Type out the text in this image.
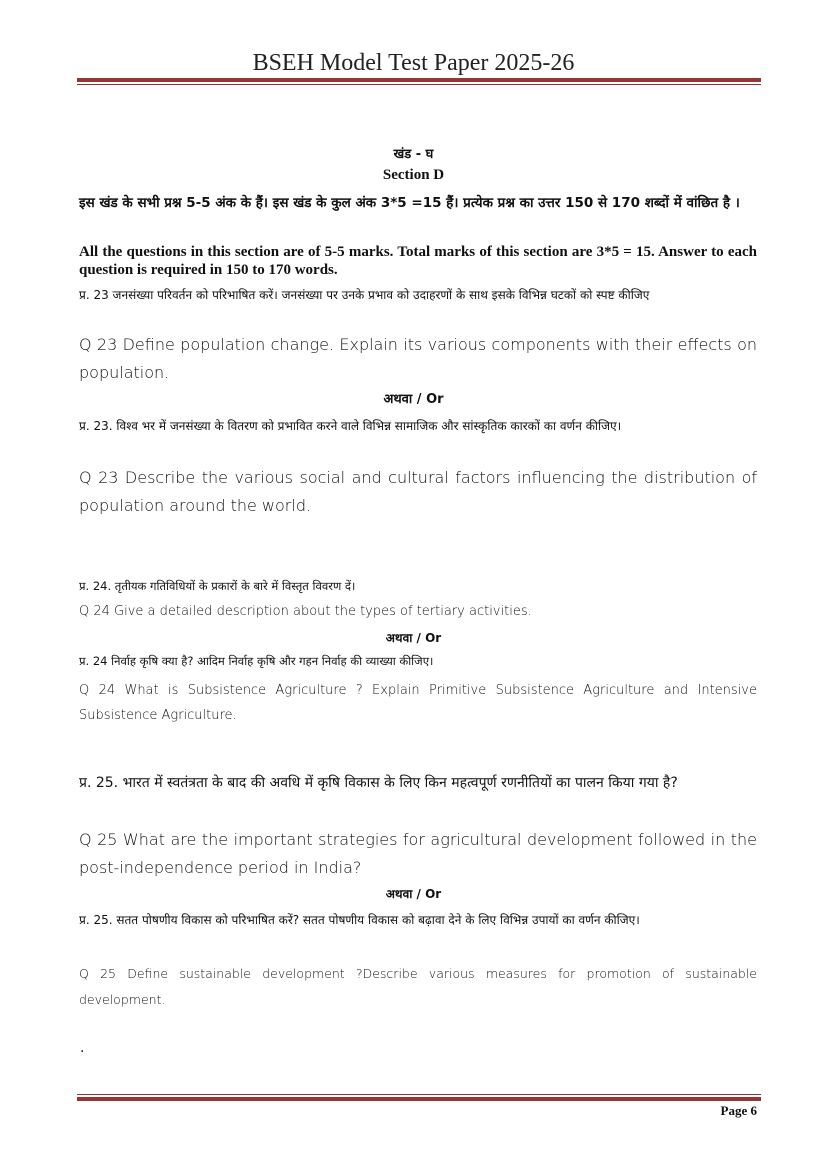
BSEH Model Test Paper 2025-26
खंड - घ
Section D
इस खंड के सभी प्रश्न 5-5 अंक के हैं। इस खंड के कुल अंक 3*5 =15 हैं। प्रत्येक प्रश्न का उत्तर 150 से 170 शब्दों में वांछित है ।
All the questions in this section are of 5-5 marks. Total marks of this section are 3*5 = 15. Answer to each question is required in 150 to 170 words.
प्र. 23 जनसंख्या परिवर्तन को परिभाषित करें। जनसंख्या पर उनके प्रभाव को उदाहरणों के साथ इसके विभिन्न घटकों को स्पष्ट कीजिए
Q 23 Define population change. Explain its various components with their effects on population.
अथवा / Or
प्र. 23. विश्व भर में जनसंख्या के वितरण को प्रभावित करने वाले विभिन्न सामाजिक और सांस्कृतिक कारकों का वर्णन कीजिए।
Q 23 Describe the various social and cultural factors influencing the distribution of population around the world.
प्र. 24. तृतीयक गतिविधियों के प्रकारों के बारे में विस्तृत विवरण दें।
Q 24 Give a detailed description about the types of tertiary activities.
अथवा / Or
प्र. 24 निर्वाह कृषि क्या है? आदिम निर्वाह कृषि और गहन निर्वाह की व्याख्या कीजिए।
Q 24 What is Subsistence Agriculture ? Explain Primitive Subsistence Agriculture and Intensive Subsistence Agriculture.
प्र. 25. भारत में स्वतंत्रता के बाद की अवधि में कृषि विकास के लिए किन महत्वपूर्ण रणनीतियों का पालन किया गया है?
Q 25 What are the important strategies for agricultural development followed in the post-independence period in India?
अथवा / Or
प्र. 25. सतत पोषणीय विकास को परिभाषित करें? सतत पोषणीय विकास को बढ़ावा देने के लिए विभिन्न उपायों का वर्णन कीजिए।
Q 25 Define sustainable development ?Describe various measures for promotion of sustainable development.
.
Page 6
